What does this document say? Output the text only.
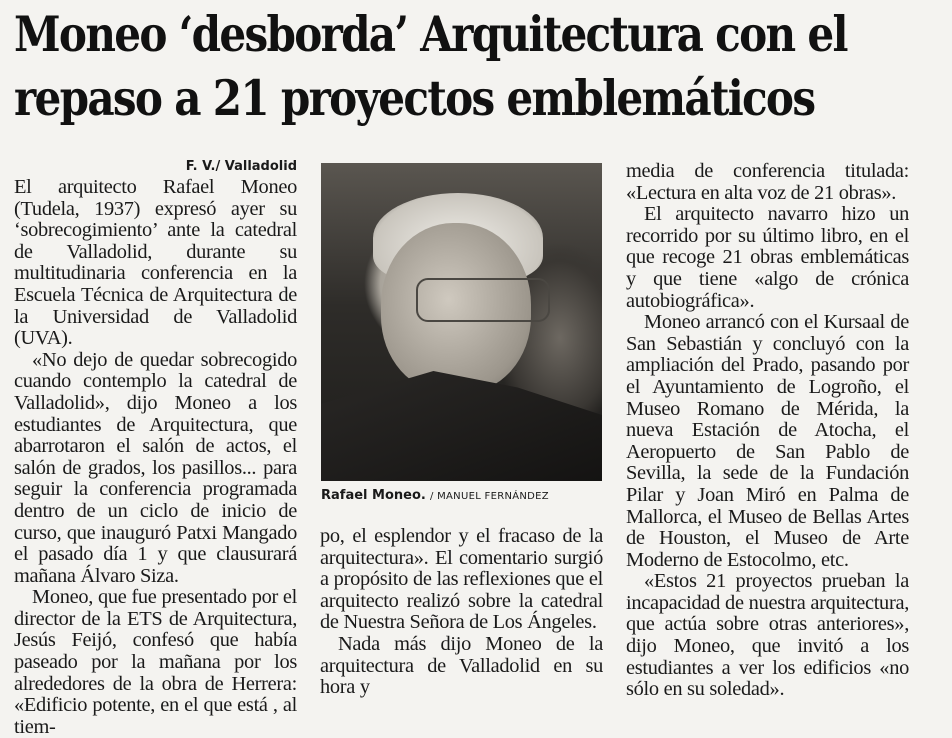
Moneo ‘desborda’ Arquitectura con el
repaso a 21 proyectos emblemáticos
F. V./ Valladolid

El arquitecto Rafael Moneo (Tudela, 1937) expresó ayer su ‘sobrecogimiento’ ante la catedral de Valladolid, durante su multitudinaria conferencia en la Escuela Técnica de Arquitectura de la Universidad de Valladolid (UVA).

«No dejo de quedar sobrecogido cuando contemplo la catedral de Valladolid», dijo Moneo a los estudiantes de Arquitectura, que abarrotaron el salón de actos, el salón de grados, los pasillos... para seguir la conferencia programada dentro de un ciclo de inicio de curso, que inauguró Patxi Mangado el pasado día 1 y que clausurará mañana Álvaro Siza.

Moneo, que fue presentado por el director de la ETS de Arquitectura, Jesús Feijó, confesó que había paseado por la mañana por los alrededores de la obra de Herrera: «Edificio potente, en el que está , al tiem-

Rafael Moneo. / MANUEL FERNÁNDEZ

po, el esplendor y el fracaso de la arquitectura». El comentario surgió a propósito de las reflexiones que el arquitecto realizó sobre la catedral de Nuestra Señora de Los Ángeles.

Nada más dijo Moneo de la arquitectura de Valladolid en su hora y

media de conferencia titulada: «Lectura en alta voz de 21 obras».

El arquitecto navarro hizo un recorrido por su último libro, en el que recoge 21 obras emblemáticas y que tiene «algo de crónica autobiográfica».

Moneo arrancó con el Kursaal de San Sebastián y concluyó con la ampliación del Prado, pasando por el Ayuntamiento de Logroño, el Museo Romano de Mérida, la nueva Estación de Atocha, el Aeropuerto de San Pablo de Sevilla, la sede de la Fundación Pilar y Joan Miró en Palma de Mallorca, el Museo de Bellas Artes de Houston, el Museo de Arte Moderno de Estocolmo, etc.

«Estos 21 proyectos prueban la incapacidad de nuestra arquitectura, que actúa sobre otras anteriores», dijo Moneo, que invitó a los estudiantes a ver los edificios «no sólo en su soledad».
